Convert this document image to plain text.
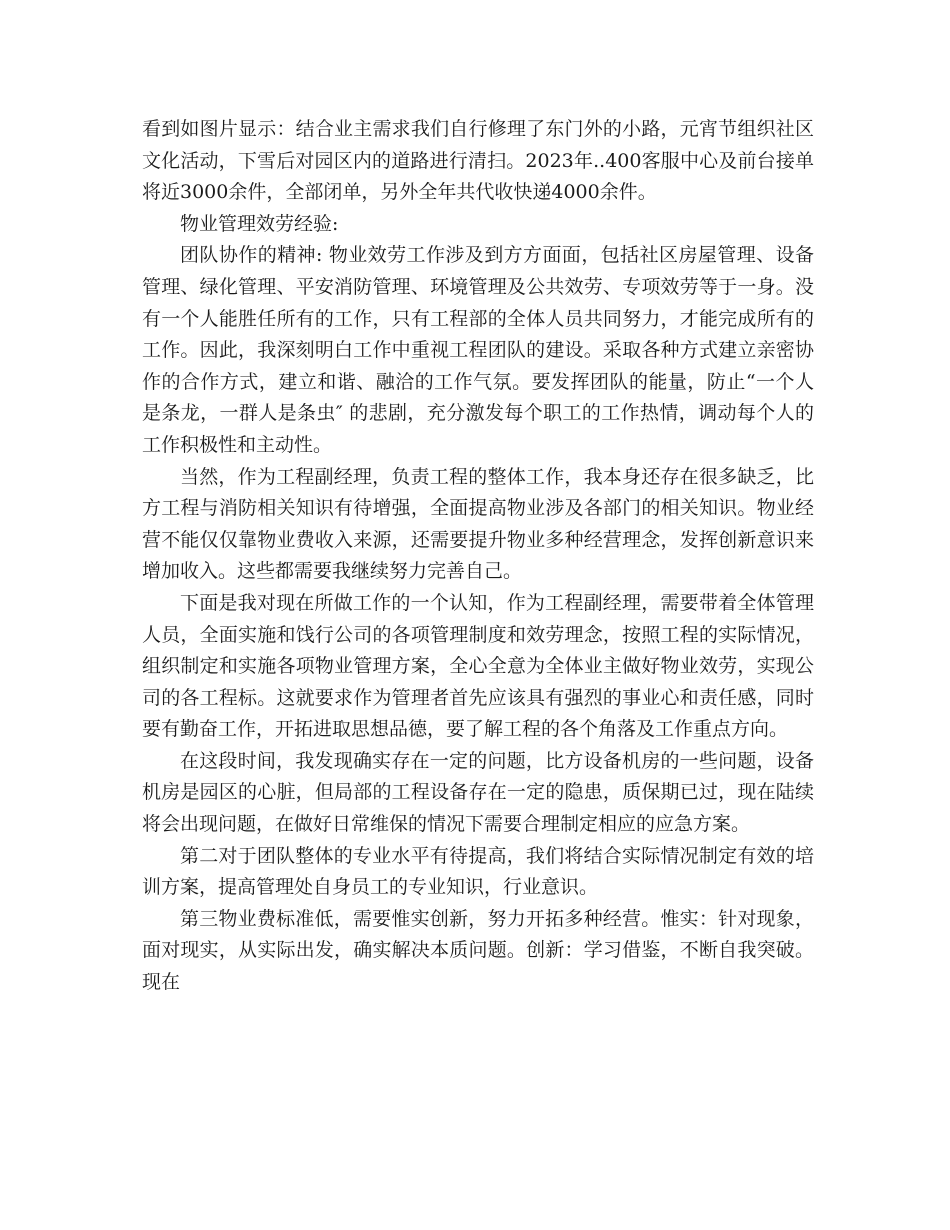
看到如图片显示：结合业主需求我们自行修理了东门外的小路，元宵节组织社区文化活动，下雪后对园区内的道路进行清扫。2023年..400客服中心及前台接单将近3000余件，全部闭单，另外全年共代收快递4000余件。

物业管理效劳经验:

团队协作的精神: 物业效劳工作涉及到方方面面，包括社区房屋管理、设备管理、绿化管理、平安消防管理、环境管理及公共效劳、专项效劳等于一身。没有一个人能胜任所有的工作，只有工程部的全体人员共同努力，才能完成所有的工作。因此，我深刻明白工作中重视工程团队的建设。采取各种方式建立亲密协作的合作方式，建立和谐、融洽的工作气氛。要发挥团队的能量，防止“一个人是条龙，一群人是条虫″ 的悲剧，充分激发每个职工的工作热情，调动每个人的工作积极性和主动性。

当然，作为工程副经理，负责工程的整体工作，我本身还存在很多缺乏，比方工程与消防相关知识有待增强，全面提高物业涉及各部门的相关知识。物业经营不能仅仅靠物业费收入来源，还需要提升物业多种经营理念，发挥创新意识来增加收入。这些都需要我继续努力完善自己。

下面是我对现在所做工作的一个认知，作为工程副经理，需要带着全体管理人员，全面实施和饯行公司的各项管理制度和效劳理念，按照工程的实际情况，组织制定和实施各项物业管理方案，全心全意为全体业主做好物业效劳，实现公司的各工程标。这就要求作为管理者首先应该具有强烈的事业心和责任感，同时要有勤奋工作，开拓进取思想品德，要了解工程的各个角落及工作重点方向。

在这段时间，我发现确实存在一定的问题，比方设备机房的一些问题，设备机房是园区的心脏，但局部的工程设备存在一定的隐患，质保期已过，现在陆续将会出现问题，在做好日常维保的情况下需要合理制定相应的应急方案。

第二对于团队整体的专业水平有待提高，我们将结合实际情况制定有效的培训方案，提高管理处自身员工的专业知识，行业意识。

第三物业费标准低，需要惟实创新，努力开拓多种经营。惟实：针对现象，面对现实，从实际出发，确实解决本质问题。创新：学习借鉴，不断自我突破。现在
